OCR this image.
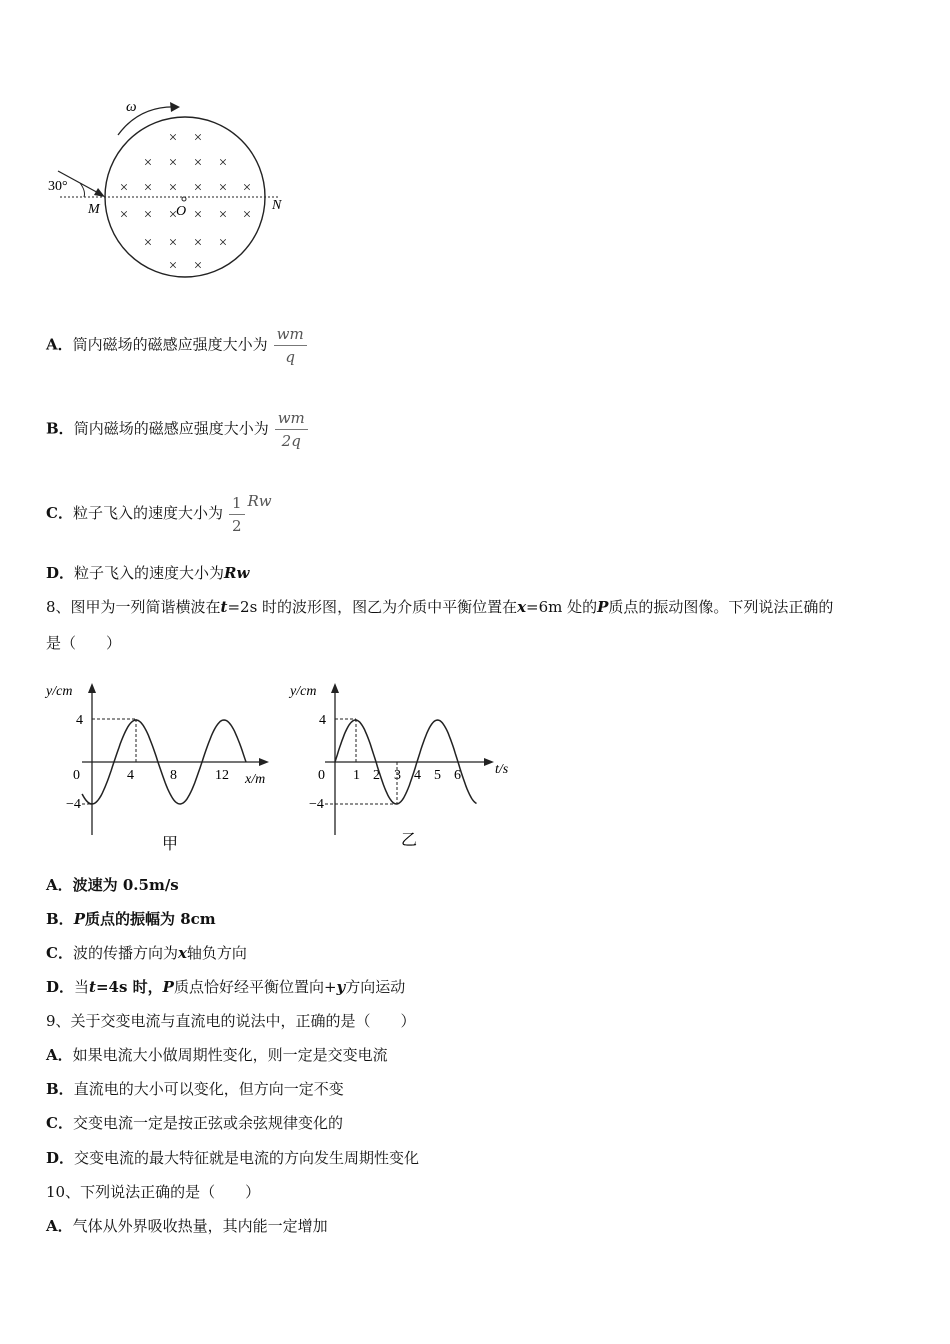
ω
30°
M	O	N
× ×
× × × ×
× × × × × ×
× × × × × ×
× × × ×
× ×
A．筒内磁场的磁感应强度大小为 $\frac{wm}{q}$
B．筒内磁场的磁感应强度大小为 $\frac{wm}{2q}$
C．粒子飞入的速度大小为 $\frac{1}{2}$ Rw
D．粒子飞入的速度大小为Rw
8、图甲为一列简谐横波在t=2s 时的波形图，图乙为介质中平衡位置在x=6m 处的P质点的振动图像。下列说法正确的
是（　　）
y/cm
x/m
0
4
−4
4	8	12
甲
y/cm
t/s
0
4
−4
1 2 3 4 5 6
乙
A．波速为 0.5m/s
B．P质点的振幅为 8cm
C．波的传播方向为x轴负方向
D．当t=4s 时，P质点恰好经平衡位置向+y方向运动
9、关于交变电流与直流电的说法中，正确的是（　　）
A．如果电流大小做周期性变化，则一定是交变电流
B．直流电的大小可以变化，但方向一定不变
C．交变电流一定是按正弦或余弦规律变化的
D．交变电流的最大特征就是电流的方向发生周期性变化
10、下列说法正确的是（　　）
A．气体从外界吸收热量，其内能一定增加
